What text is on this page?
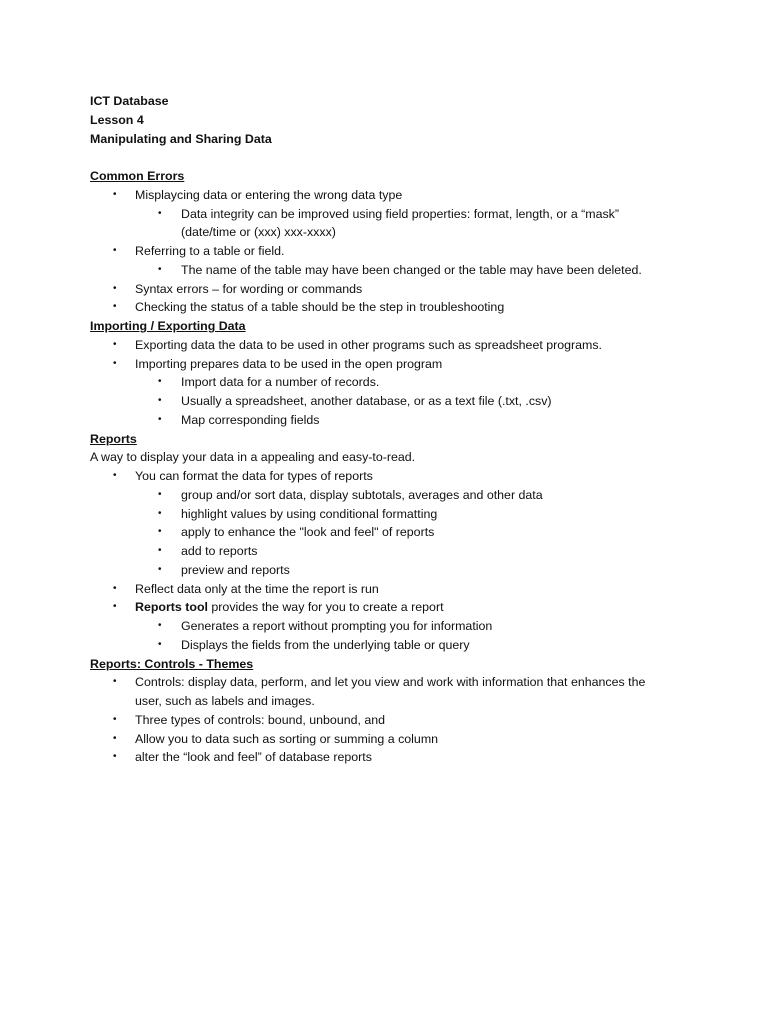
ICT Database
Lesson 4
Manipulating and Sharing Data
Common Errors
• Misplaycing data or entering the wrong data type
• Data integrity can be improved using field properties: format, length, or a “mask”
(date/time or (xxx) xxx-xxxx)
• Referring to a table or field.
• The name of the table may have been changed or the table may have been deleted.
• Syntax errors – for wording or commands
• Checking the status of a table should be the step in troubleshooting
Importing / Exporting Data
• Exporting data the data to be used in other programs such as spreadsheet programs.
• Importing prepares data to be used in the open program
• Import data for a number of records.
• Usually a spreadsheet, another database, or as a text file (.txt, .csv)
• Map corresponding fields
Reports
A way to display your data in a appealing and easy-to-read.
• You can format the data for types of reports
• group and/or sort data, display subtotals, averages and other data
• highlight values by using conditional formatting
• apply to enhance the "look and feel" of reports
• add to reports
• preview and reports
• Reflect data only at the time the report is run
• Reports tool provides the way for you to create a report
• Generates a report without prompting you for information
• Displays the fields from the underlying table or query
Reports: Controls - Themes
• Controls: display data, perform, and let you view and work with information that enhances the
user, such as labels and images.
• Three types of controls: bound, unbound, and
• Allow you to data such as sorting or summing a column
• alter the “look and feel” of database reports
